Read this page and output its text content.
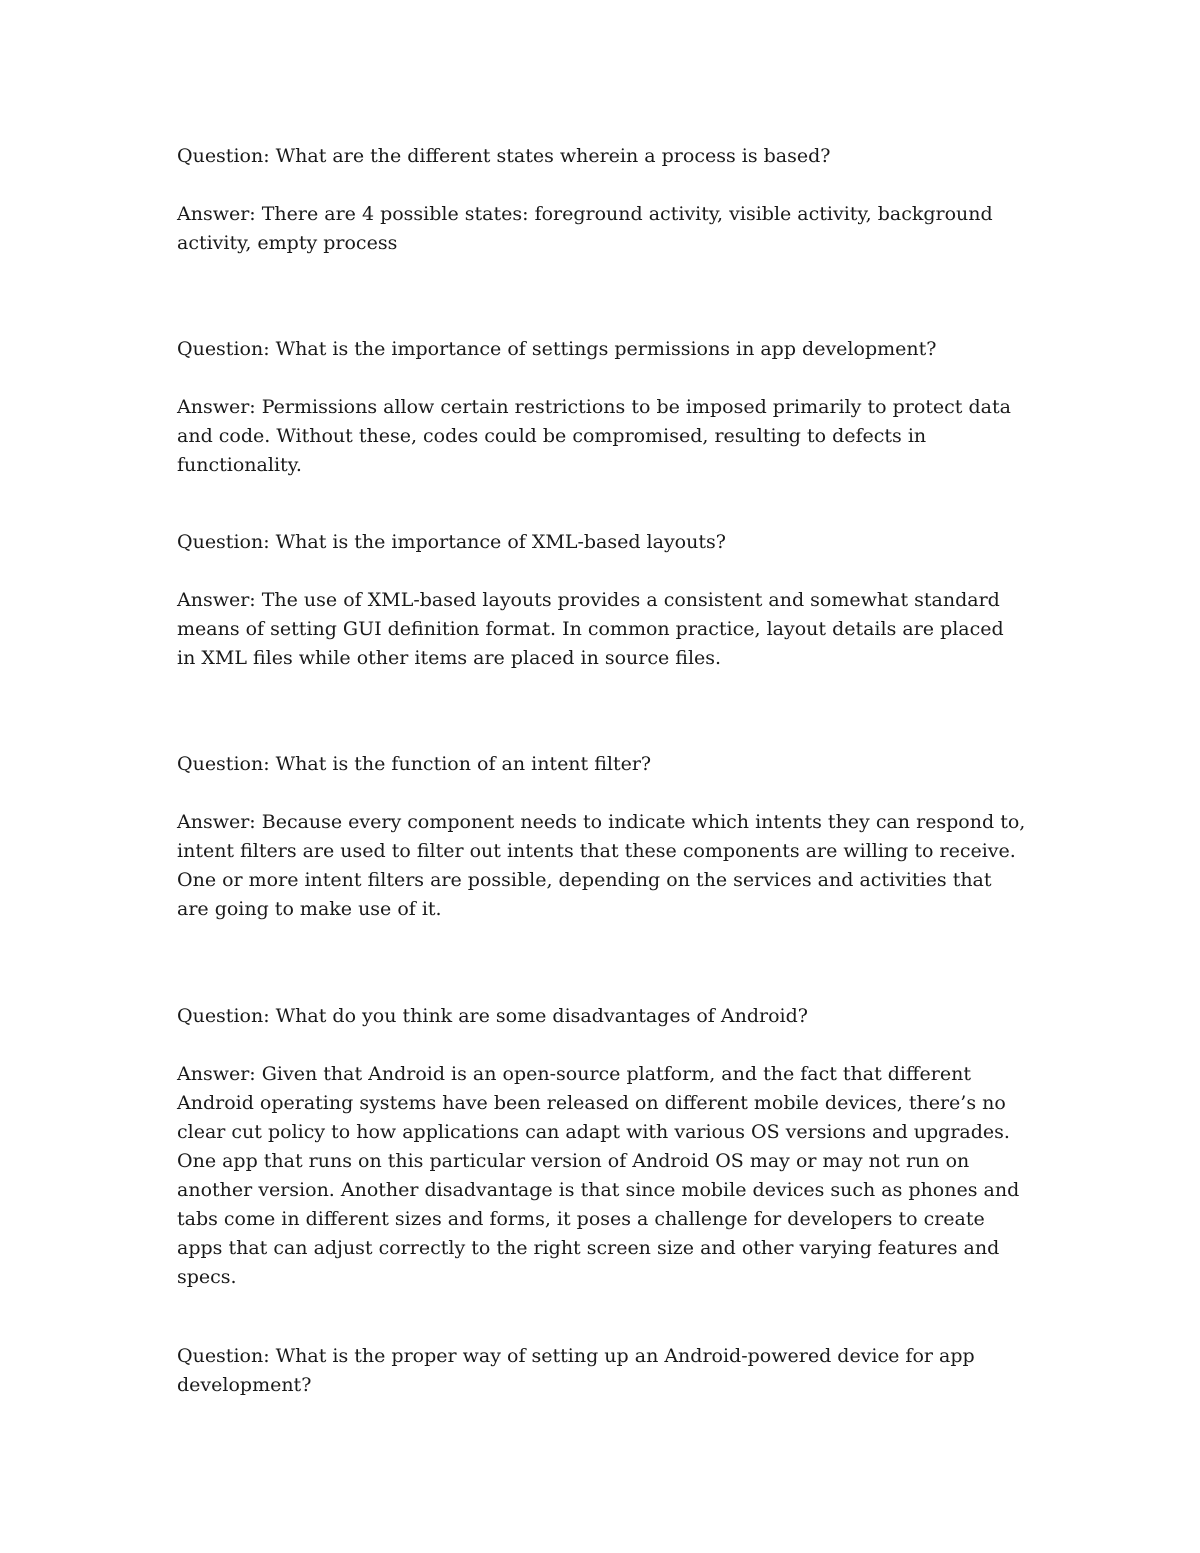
Question: What are the different states wherein a process is based?

Answer: There are 4 possible states: foreground activity, visible activity, background activity, empty process

Question: What is the importance of settings permissions in app development?

Answer: Permissions allow certain restrictions to be imposed primarily to protect data and code. Without these, codes could be compromised, resulting to defects in functionality.

Question: What is the importance of XML-based layouts?

Answer: The use of XML-based layouts provides a consistent and somewhat standard means of setting GUI definition format. In common practice, layout details are placed in XML files while other items are placed in source files.

Question: What is the function of an intent filter?

Answer: Because every component needs to indicate which intents they can respond to, intent filters are used to filter out intents that these components are willing to receive. One or more intent filters are possible, depending on the services and activities that are going to make use of it.

Question: What do you think are some disadvantages of Android?

Answer: Given that Android is an open-source platform, and the fact that different Android operating systems have been released on different mobile devices, there’s no clear cut policy to how applications can adapt with various OS versions and upgrades. One app that runs on this particular version of Android OS may or may not run on another version. Another disadvantage is that since mobile devices such as phones and tabs come in different sizes and forms, it poses a challenge for developers to create apps that can adjust correctly to the right screen size and other varying features and specs.

Question: What is the proper way of setting up an Android-powered device for app development?
